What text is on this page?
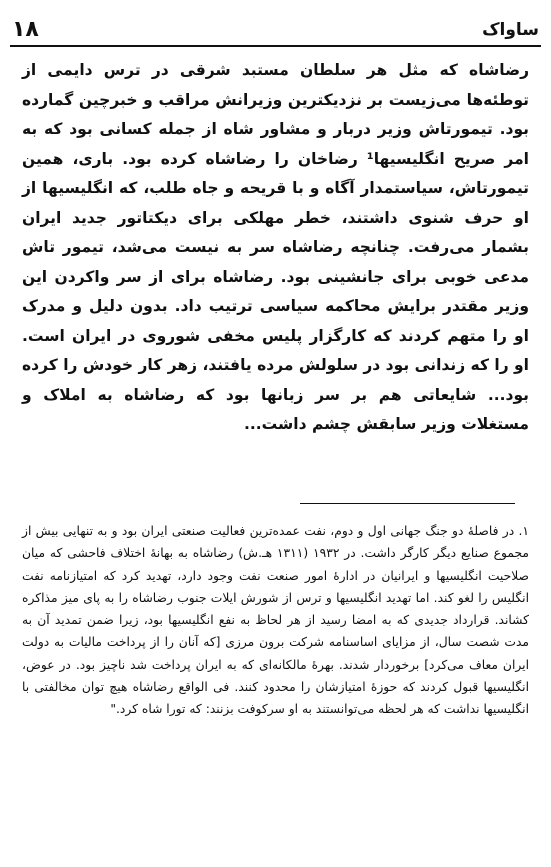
۱۸	ساواک

رضاشاه که مثل هر سلطان مستبد شرقی در ترس دایمی از توطئه‌ها می‌زیست بر نزدیکترین وزیرانش مراقب و خبرچین گمارده بود. تیمورتاش وزیر دربار و مشاور شاه از جمله کسانی بود که به امر صریح انگلیسیها¹ رضاخان را رضاشاه کرده بود. باری، همین تیمورتاش، سیاستمدار آگاه و با قریحه و جاه طلب، که انگلیسیها از او حرف شنوی داشتند، خطر مهلکی برای دیکتاتور جدید ایران بشمار می‌رفت. چنانچه رضاشاه سر به نیست می‌شد، تیمور تاش مدعی خوبی برای جانشینی بود. رضاشاه برای از سر واکردن این وزیر مقتدر برایش محاکمه سیاسی ترتیب داد. بدون دلیل و مدرک او را متهم کردند که کارگزار پلیس مخفی شوروی در ایران است. او را که زندانی بود در سلولش مرده یافتند، زهر کار خودش را کرده بود... شایعاتی هم بر سر زبانها بود که رضاشاه به املاک و مستغلات وزیر سابقش چشم داشت...

۱. در فاصلهٔ دو جنگ جهانی اول و دوم، نفت عمده‌ترین فعالیت صنعتی ایران بود و به تنهایی بیش از مجموع صنایع دیگر کارگر داشت. در ۱۹۳۲ (۱۳۱۱ هـ.ش) رضاشاه به بهانهٔ اختلاف فاحشی که میان صلاحیت انگلیسیها و ایرانیان در ادارهٔ امور صنعت نفت وجود دارد، تهدید کرد که امتیازنامه نفت انگلیس را لغو کند. اما تهدید انگلیسیها و ترس از شورش ایلات جنوب رضاشاه را به پای میز مذاکره کشاند. قرارداد جدیدی که به امضا رسید از هر لحاظ به نفع انگلیسیها بود، زیرا ضمن تمدید آن به مدت شصت سال، از مزایای اساسنامه شرکت برون مرزی [که آنان را از پرداخت مالیات به دولت ایران معاف می‌کرد] برخوردار شدند. بهرهٔ مالکانه‌ای که به ایران پرداخت شد ناچیز بود. در عوض، انگلیسیها قبول کردند که حوزهٔ امتیازشان را محدود کنند. فی الواقع رضاشاه هیچ توان مخالفتی با انگلیسیها نداشت که هر لحظه می‌توانستند به او سرکوفت بزنند: که تورا شاه کرد."
